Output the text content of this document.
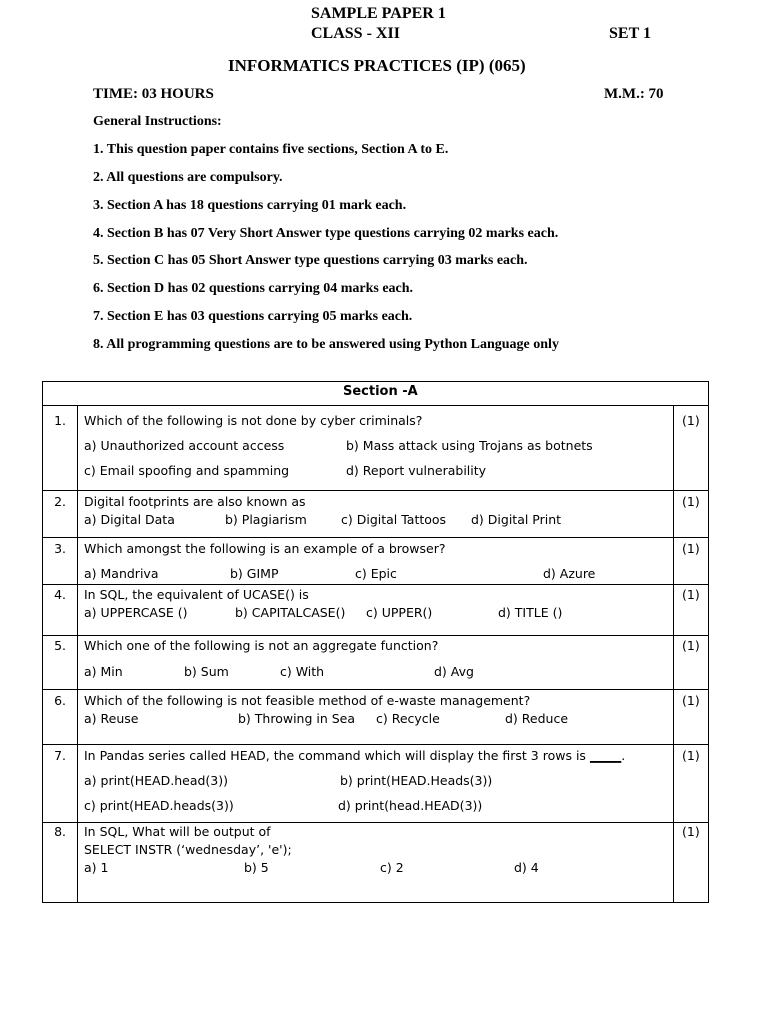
SAMPLE PAPER 1
CLASS - XII	SET 1
INFORMATICS PRACTICES (IP) (065)
TIME: 03 HOURS	M.M.: 70
General Instructions:
1. This question paper contains five sections, Section A to E.
2. All questions are compulsory.
3. Section A has 18 questions carrying 01 mark each.
4. Section B has 07 Very Short Answer type questions carrying 02 marks each.
5. Section C has 05 Short Answer type questions carrying 03 marks each.
6. Section D has 02 questions carrying 04 marks each.
7. Section E has 03 questions carrying 05 marks each.
8. All programming questions are to be answered using Python Language only
Section -A
1. Which of the following is not done by cyber criminals?
a) Unauthorized account access	b) Mass attack using Trojans as botnets
c) Email spoofing and spamming	d) Report vulnerability
(1)
2. Digital footprints are also known as
a) Digital Data	b) Plagiarism	c) Digital Tattoos d) Digital Print
(1)
3. Which amongst the following is an example of a browser?
a) Mandriva	b) GIMP	c) Epic	d) Azure
(1)
4. In SQL, the equivalent of UCASE() is
a) UPPERCASE ()	b) CAPITALCASE() c) UPPER()	d) TITLE ()
(1)
5. Which one of the following is not an aggregate function?
a) Min	b) Sum	c) With	d) Avg
(1)
6. Which of the following is not feasible method of e-waste management?
a) Reuse	b) Throwing in Sea c) Recycle	d) Reduce
(1)
7. In Pandas series called HEAD, the command which will display the first 3 rows is _____.
a) print(HEAD.head(3))	b) print(HEAD.Heads(3))
c) print(HEAD.heads(3))	d) print(head.HEAD(3))
(1)
8. In SQL, What will be output of
SELECT INSTR (‘wednesday’, 'e');
a) 1	b) 5	c) 2	d) 4
(1)
